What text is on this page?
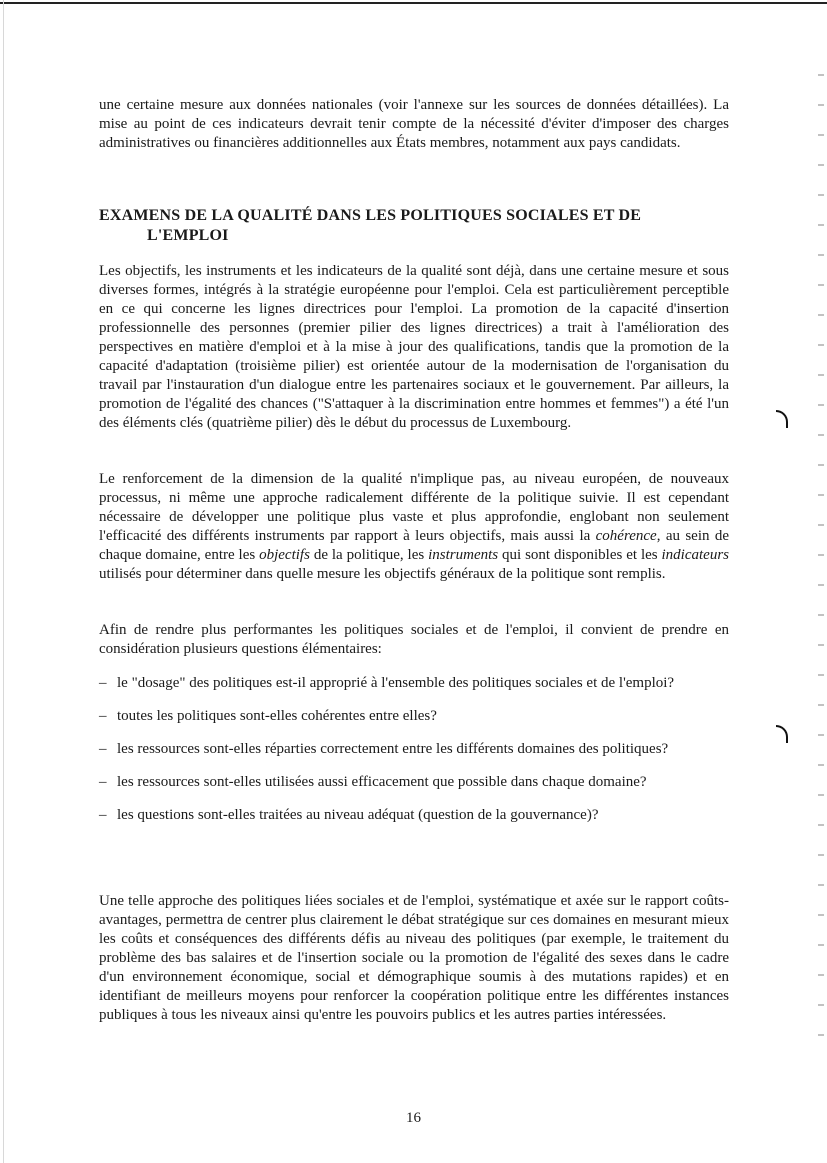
une certaine mesure aux données nationales (voir l'annexe sur les sources de données détaillées). La mise au point de ces indicateurs devrait tenir compte de la nécessité d'éviter d'imposer des charges administratives ou financières additionnelles aux États membres, notamment aux pays candidats.

EXAMENS DE LA QUALITÉ DANS LES POLITIQUES SOCIALES ET DE
L'EMPLOI

Les objectifs, les instruments et les indicateurs de la qualité sont déjà, dans une certaine mesure et sous diverses formes, intégrés à la stratégie européenne pour l'emploi. Cela est particulièrement perceptible en ce qui concerne les lignes directrices pour l'emploi. La promotion de la capacité d'insertion professionnelle des personnes (premier pilier des lignes directrices) a trait à l'amélioration des perspectives en matière d'emploi et à la mise à jour des qualifications, tandis que la promotion de la capacité d'adaptation (troisième pilier) est orientée autour de la modernisation de l'organisation du travail par l'instauration d'un dialogue entre les partenaires sociaux et le gouvernement. Par ailleurs, la promotion de l'égalité des chances ("S'attaquer à la discrimination entre hommes et femmes") a été l'un des éléments clés (quatrième pilier) dès le début du processus de Luxembourg.

Le renforcement de la dimension de la qualité n'implique pas, au niveau européen, de nouveaux processus, ni même une approche radicalement différente de la politique suivie. Il est cependant nécessaire de développer une politique plus vaste et plus approfondie, englobant non seulement l'efficacité des différents instruments par rapport à leurs objectifs, mais aussi la cohérence, au sein de chaque domaine, entre les objectifs de la politique, les instruments qui sont disponibles et les indicateurs utilisés pour déterminer dans quelle mesure les objectifs généraux de la politique sont remplis.

Afin de rendre plus performantes les politiques sociales et de l'emploi, il convient de prendre en considération plusieurs questions élémentaires:

– le "dosage" des politiques est-il approprié à l'ensemble des politiques sociales et de l'emploi?
– toutes les politiques sont-elles cohérentes entre elles?
– les ressources sont-elles réparties correctement entre les différents domaines des politiques?
– les ressources sont-elles utilisées aussi efficacement que possible dans chaque domaine?
– les questions sont-elles traitées au niveau adéquat (question de la gouvernance)?

Une telle approche des politiques liées sociales et de l'emploi, systématique et axée sur le rapport coûts-avantages, permettra de centrer plus clairement le débat stratégique sur ces domaines en mesurant mieux les coûts et conséquences des différents défis au niveau des politiques (par exemple, le traitement du problème des bas salaires et de l'insertion sociale ou la promotion de l'égalité des sexes dans le cadre d'un environnement économique, social et démographique soumis à des mutations rapides) et en identifiant de meilleurs moyens pour renforcer la coopération politique entre les différentes instances publiques à tous les niveaux ainsi qu'entre les pouvoirs publics et les autres parties intéressées.

16
